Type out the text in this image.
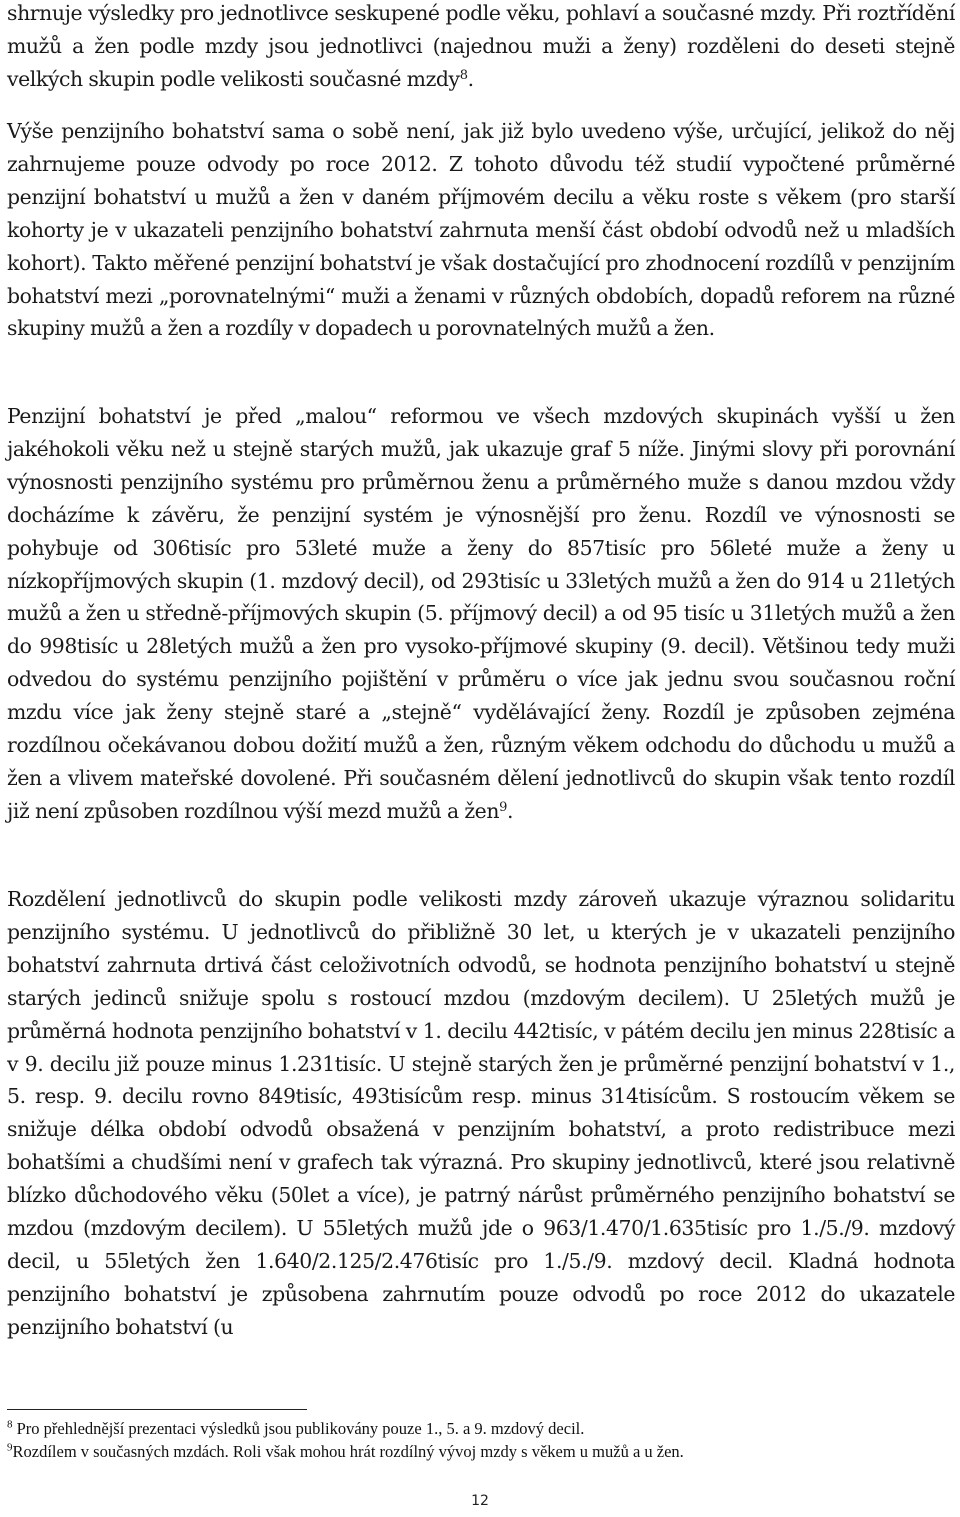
shrnuje výsledky pro jednotlivce seskupené podle věku, pohlaví a současné mzdy. Při roztřídění mužů a žen podle mzdy jsou jednotlivci (najednou muži a ženy) rozděleni do deseti stejně velkých skupin podle velikosti současné mzdy$^8$.

Výše penzijního bohatství sama o sobě není, jak již bylo uvedeno výše, určující, jelikož do něj zahrnujeme pouze odvody po roce 2012. Z tohoto důvodu též studií vypočtené průměrné penzijní bohatství u mužů a žen v daném příjmovém decilu a věku roste s věkem (pro starší kohorty je v ukazateli penzijního bohatství zahrnuta menší část období odvodů než u mladších kohort). Takto měřené penzijní bohatství je však dostačující pro zhodnocení rozdílů v penzijním bohatství mezi „porovnatelnými“ muži a ženami v různých obdobích, dopadů reforem na různé skupiny mužů a žen a rozdíly v dopadech u porovnatelných mužů a žen.

Penzijní bohatství je před „malou“ reformou ve všech mzdových skupinách vyšší u žen jakéhokoli věku než u stejně starých mužů, jak ukazuje graf 5 níže. Jinými slovy při porovnání výnosnosti penzijního systému pro průměrnou ženu a průměrného muže s danou mzdou vždy docházíme k závěru, že penzijní systém je výnosnější pro ženu. Rozdíl ve výnosnosti se pohybuje od 306tisíc pro 53leté muže a ženy do 857tisíc pro 56leté muže a ženy u nízkopříjmových skupin (1. mzdový decil), od 293tisíc u 33letých mužů a žen do 914 u 21letých mužů a žen u středně-příjmových skupin (5. příjmový decil) a od 95 tisíc u 31letých mužů a žen do 998tisíc u 28letých mužů a žen pro vysoko-příjmové skupiny (9. decil). Většinou tedy muži odvedou do systému penzijního pojištění v průměru o více jak jednu svou současnou roční mzdu více jak ženy stejně staré a „stejně“ vydělávající ženy. Rozdíl je způsoben zejména rozdílnou očekávanou dobou dožití mužů a žen, různým věkem odchodu do důchodu u mužů a žen a vlivem mateřské dovolené. Při současném dělení jednotlivců do skupin však tento rozdíl již není způsoben rozdílnou výší mezd mužů a žen$^9$.

Rozdělení jednotlivců do skupin podle velikosti mzdy zároveň ukazuje výraznou solidaritu penzijního systému. U jednotlivců do přibližně 30 let, u kterých je v ukazateli penzijního bohatství zahrnuta drtivá část celoživotních odvodů, se hodnota penzijního bohatství u stejně starých jedinců snižuje spolu s rostoucí mzdou (mzdovým decilem). U 25letých mužů je průměrná hodnota penzijního bohatství v 1. decilu 442tisíc, v pátém decilu jen minus 228tisíc a v 9. decilu již pouze minus 1.231tisíc. U stejně starých žen je průměrné penzijní bohatství v 1., 5. resp. 9. decilu rovno 849tisíc, 493tisícům resp. minus 314tisícům. S rostoucím věkem se snižuje délka období odvodů obsažená v penzijním bohatství, a proto redistribuce mezi bohatšími a chudšími není v grafech tak výrazná. Pro skupiny jednotlivců, které jsou relativně blízko důchodového věku (50let a více), je patrný nárůst průměrného penzijního bohatství se mzdou (mzdovým decilem). U 55letých mužů jde o 963/1.470/1.635tisíc pro 1./5./9. mzdový decil, u 55letých žen 1.640/2.125/2.476tisíc pro 1./5./9. mzdový decil. Kladná hodnota penzijního bohatství je způsobena zahrnutím pouze odvodů po roce 2012 do ukazatele penzijního bohatství (u

$^8$ Pro přehlednější prezentaci výsledků jsou publikovány pouze 1., 5. a 9. mzdový decil.

$^9$Rozdílem v současných mzdách. Roli však mohou hrát rozdílný vývoj mzdy s věkem u mužů a u žen.

12
